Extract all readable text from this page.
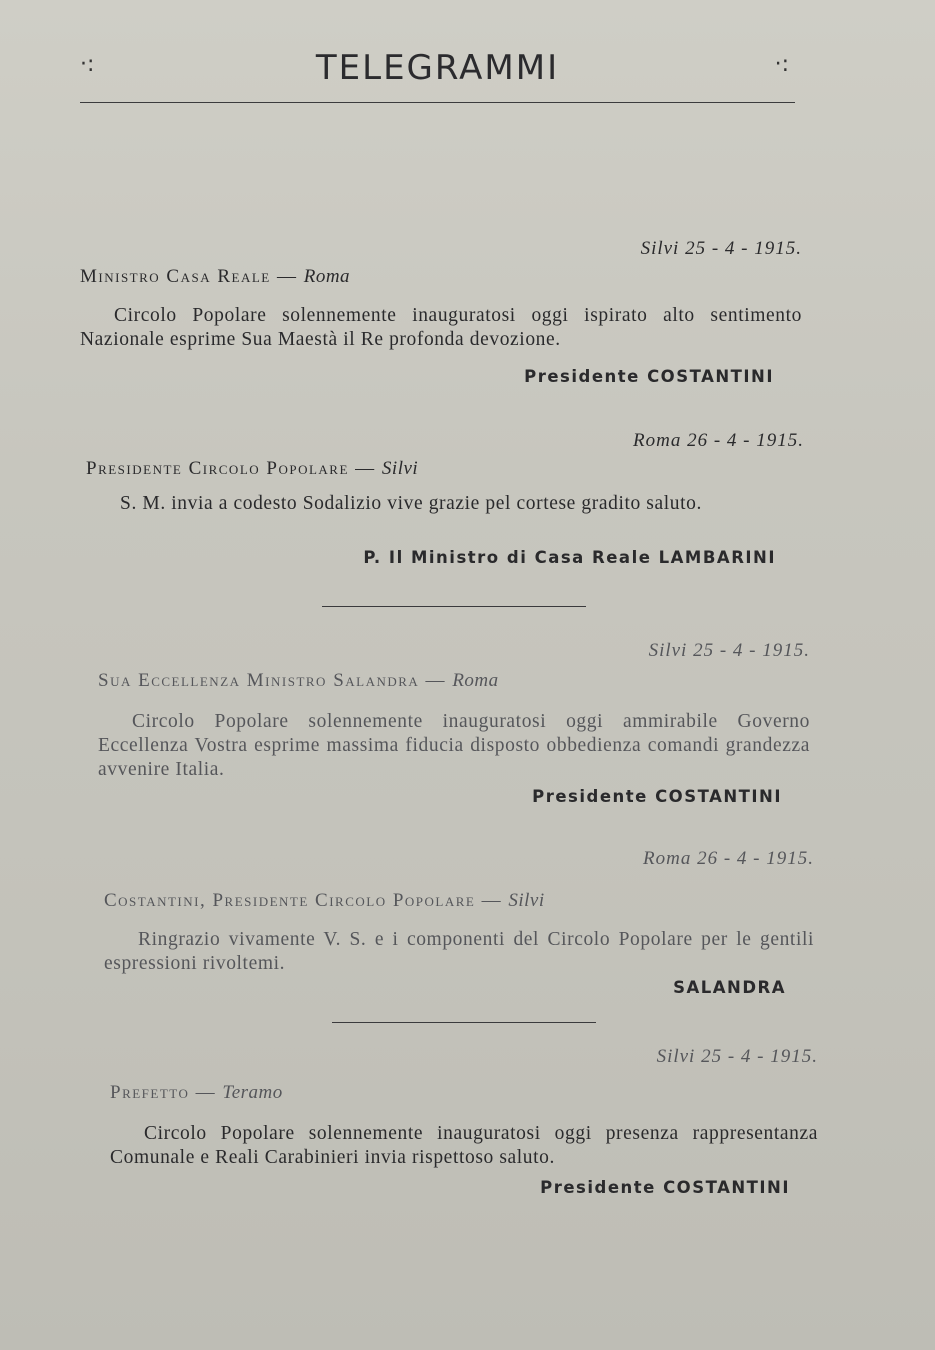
·:	TELEGRAMMI	·:
Silvi 25 - 4 - 1915.
Ministro Casa Reale — Roma
Circolo Popolare solennemente inauguratosi oggi ispirato alto sentimento Nazionale esprime Sua Maestà il Re profonda devozione.
Presidente COSTANTINI
Roma 26 - 4 - 1915.
Presidente Circolo Popolare — Silvi
S. M. invia a codesto Sodalizio vive grazie pel cortese gradito saluto.
P. Il Ministro di Casa Reale LAMBARINI
Silvi 25 - 4 - 1915.
Sua Eccellenza Ministro Salandra — Roma
Circolo Popolare solennemente inauguratosi oggi ammirabile Governo Eccellenza Vostra esprime massima fiducia disposto obbedienza comandi grandezza avvenire Italia.
Presidente COSTANTINI
Roma 26 - 4 - 1915.
Costantini, Presidente Circolo Popolare — Silvi
Ringrazio vivamente V. S. e i componenti del Circolo Popolare per le gentili espressioni rivoltemi.
SALANDRA
Silvi 25 - 4 - 1915.
Prefetto — Teramo
Circolo Popolare solennemente inauguratosi oggi presenza rappresentanza Comunale e Reali Carabinieri invia rispettoso saluto.
Presidente COSTANTINI
